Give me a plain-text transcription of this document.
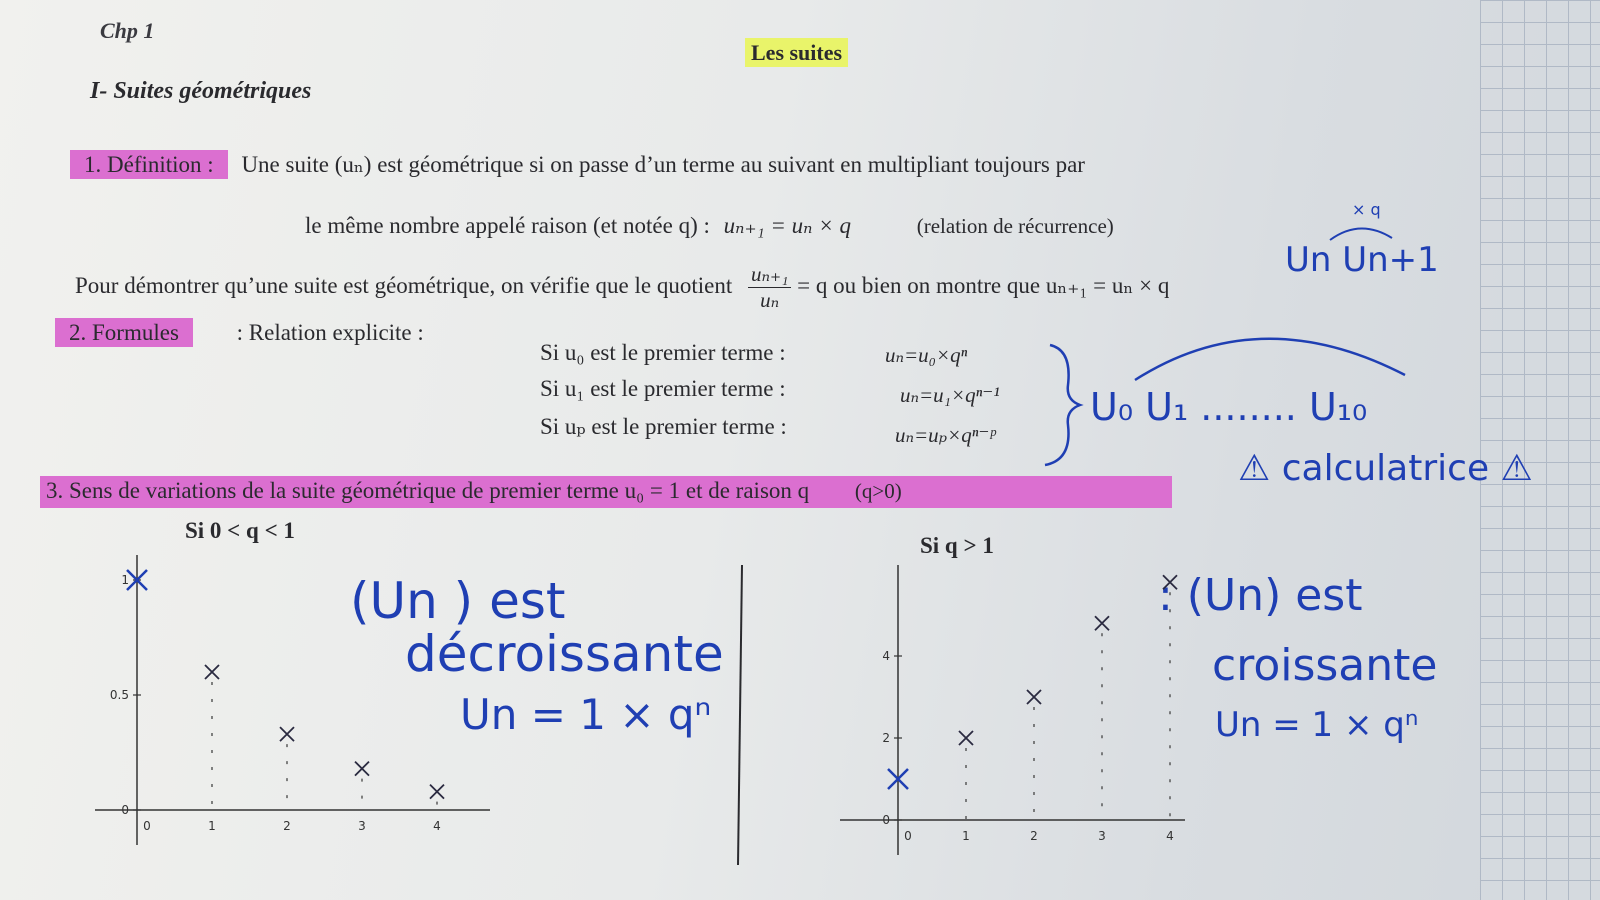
Chp 1
Les suites
I- Suites géométriques
1. Définition : Une suite (uₙ) est géométrique si on passe d’un terme au suivant en multipliant toujours par
le même nombre appelé raison (et notée q) : uₙ₊₁ = uₙ × q	(relation de récurrence)
Pour démontrer qu’une suite est géométrique, on vérifie que le quotient $\frac{\text{uₙ₊₁}}{\text{uₙ}} = q$ ou bien on montre que uₙ₊₁ = uₙ × q
2. Formules	: Relation explicite :
Si u₀ est le premier terme :	uₙ=u₀×qⁿ
Si u₁ est le premier terme :	uₙ=u₁×qⁿ⁻¹
Si uₚ est le premier terme :	uₙ=uₚ×qⁿ⁻ᵖ
3. Sens de variations de la suite géométrique de premier terme u₀ = 1 et de raison q (q>0)
Si 0 < q < 1
Si q > 1
× q
Un Un+1
U₀ U₁ ........ U₁₀
⚠ calculatrice ⚠
(Un ) est
décroissante
Un = 1 × qⁿ
: (Un) est
croissante
Un = 1 × qⁿ
0	1	2	3	4
0
0.5
1
0	1	2	3	4
0
2
4
